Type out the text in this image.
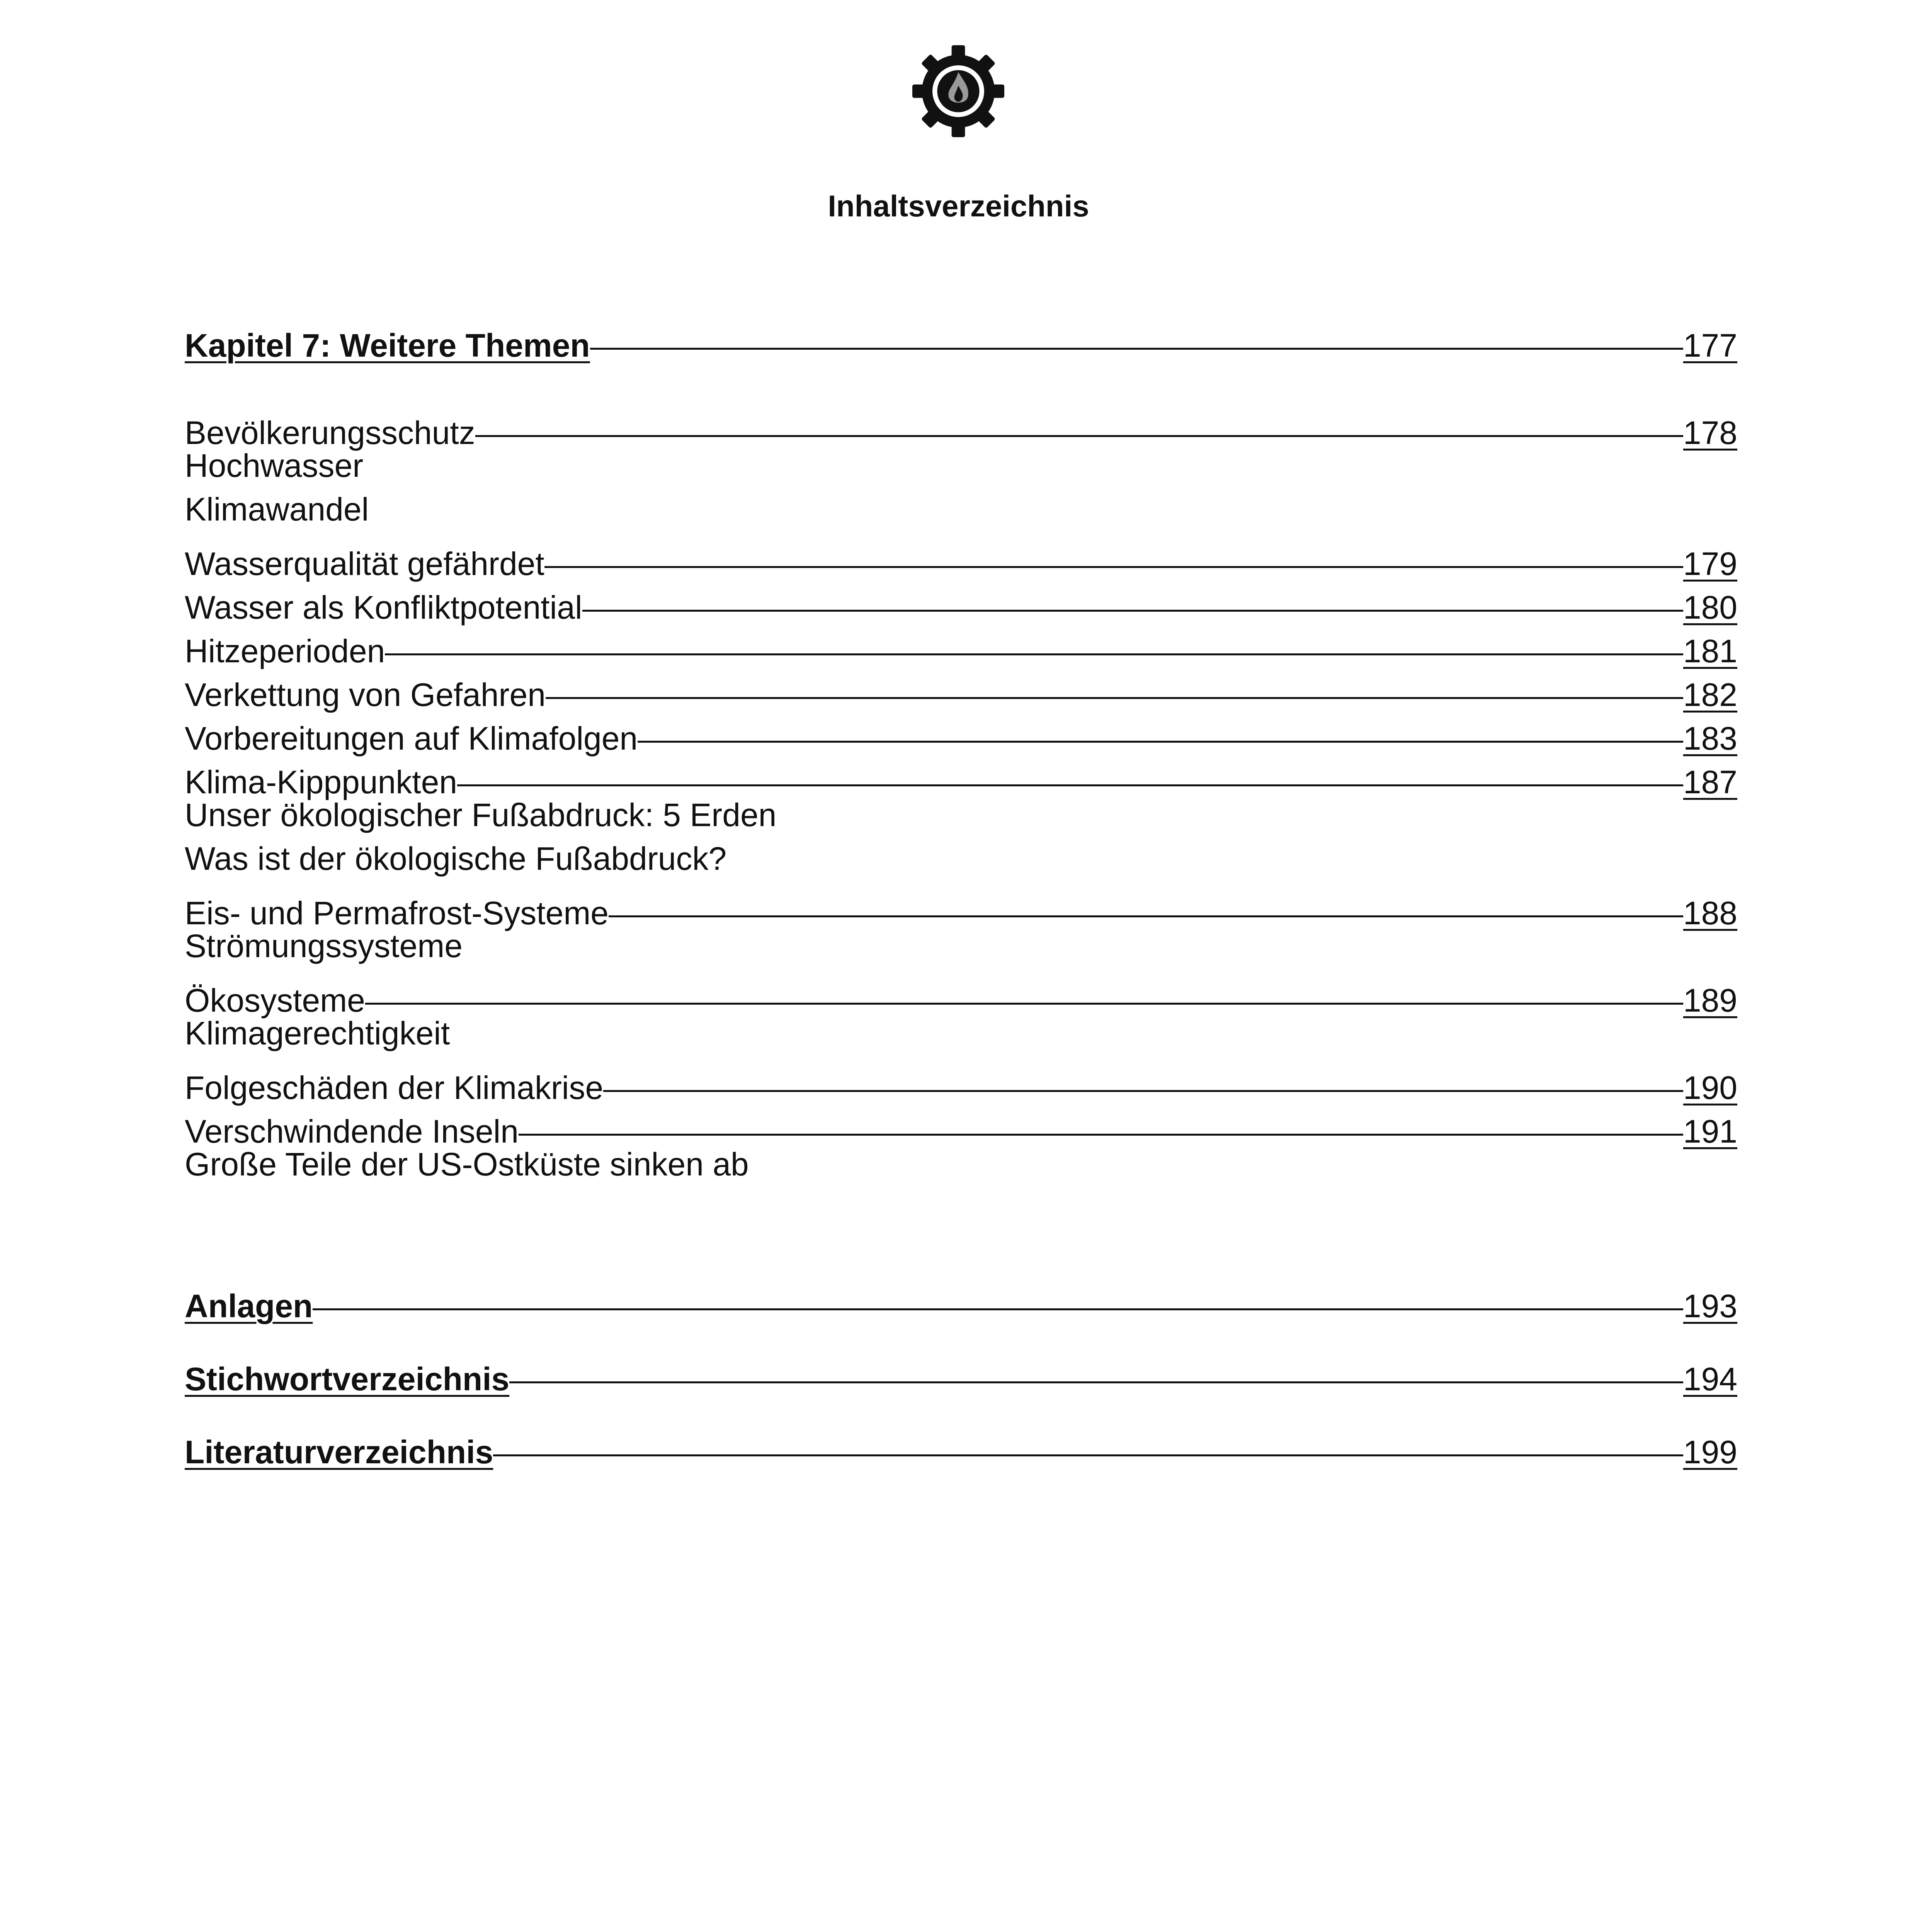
Inhaltsverzeichnis
Kapitel 7: Weitere Themen	177
Bevölkerungsschutz	178
Hochwasser
Klimawandel
Wasserqualität gefährdet	179
Wasser als Konfliktpotential	180
Hitzeperioden	181
Verkettung von Gefahren	182
Vorbereitungen auf Klimafolgen	183
Klima-Kipppunkten	187
Unser ökologischer Fußabdruck: 5 Erden
Was ist der ökologische Fußabdruck?
Eis- und Permafrost-Systeme	188
Strömungssysteme
Ökosysteme	189
Klimagerechtigkeit
Folgeschäden der Klimakrise	190
Verschwindende Inseln	191
Große Teile der US-Ostküste sinken ab
Anlagen	193
Stichwortverzeichnis	194
Literaturverzeichnis	199
